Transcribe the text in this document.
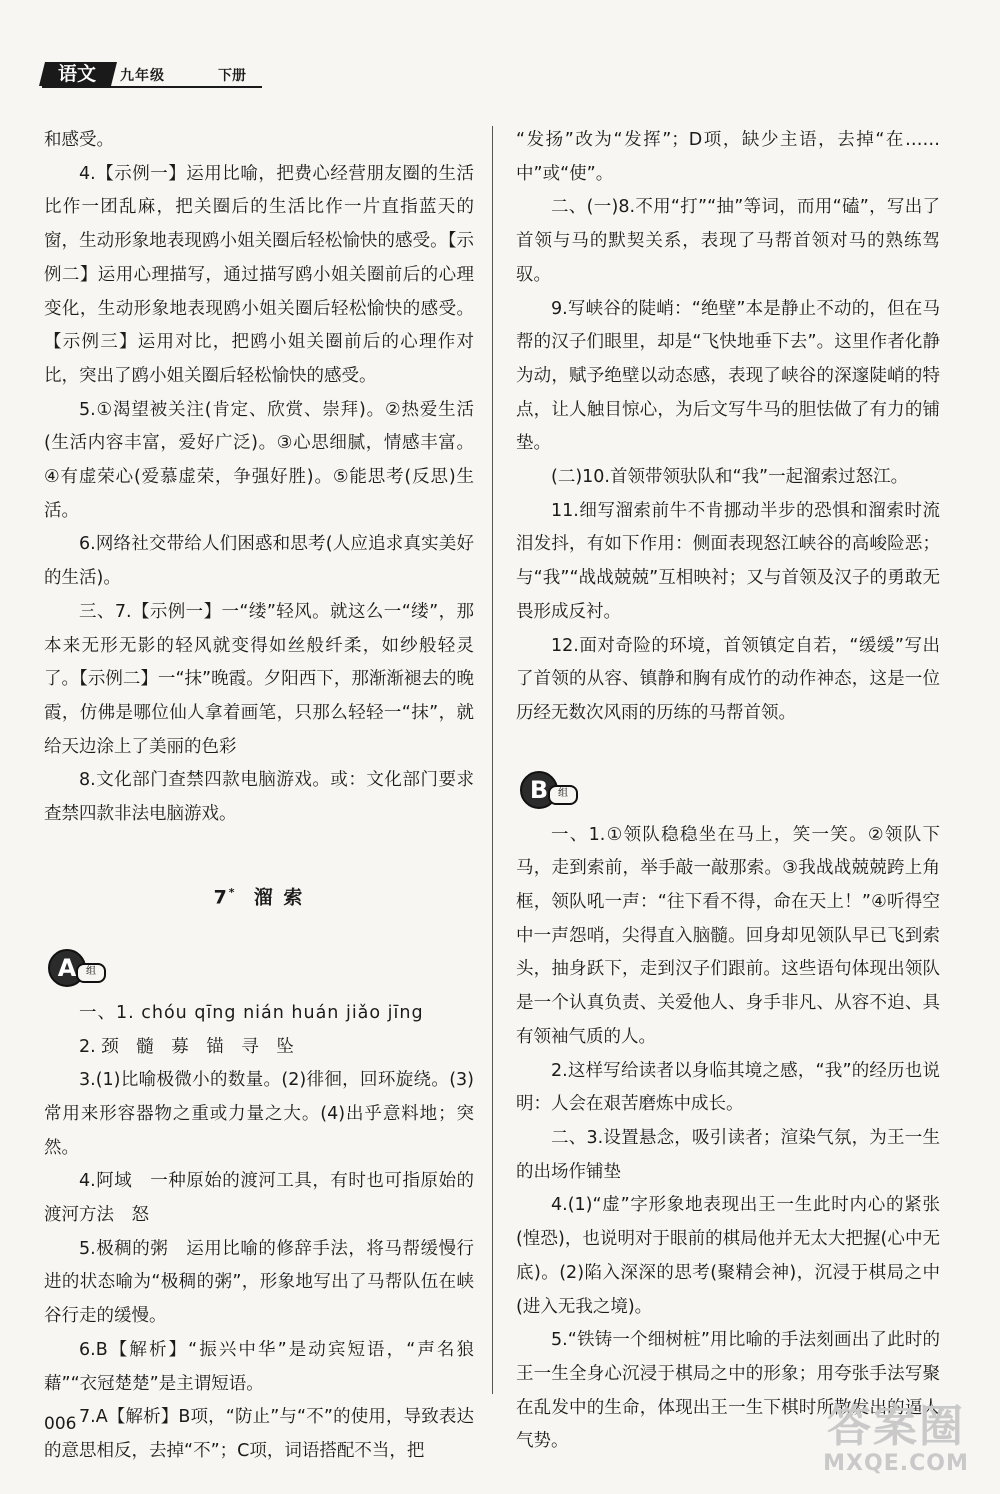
语文	九年级	下册

和感受。

4.【示例一】运用比喻，把费心经营朋友圈的生活比作一团乱麻，把关圈后的生活比作一片直指蓝天的窗，生动形象地表现鸥小姐关圈后轻松愉快的感受。【示例二】运用心理描写，通过描写鸥小姐关圈前后的心理变化，生动形象地表现鸥小姐关圈后轻松愉快的感受。【示例三】运用对比，把鸥小姐关圈前后的心理作对比，突出了鸥小姐关圈后轻松愉快的感受。

5.①渴望被关注(肯定、欣赏、崇拜)。②热爱生活(生活内容丰富，爱好广泛)。③心思细腻，情感丰富。④有虚荣心(爱慕虚荣，争强好胜)。⑤能思考(反思)生活。

6.网络社交带给人们困惑和思考(人应追求真实美好的生活)。

三、7.【示例一】一“缕”轻风。就这么一“缕”，那本来无形无影的轻风就变得如丝般纤柔，如纱般轻灵了。【示例二】一“抹”晚霞。夕阳西下，那渐渐褪去的晚霞，仿佛是哪位仙人拿着画笔，只那么轻轻一“抹”，就给天边涂上了美丽的色彩

8.文化部门查禁四款电脑游戏。或：文化部门要求查禁四款非法电脑游戏。

7* 溜 索
A 组

一、1. chóu qīng nián huán jiǎo jīng

2. 颈　髓　募　锚　寻　坠

3.(1)比喻极微小的数量。(2)徘徊，回环旋绕。(3)常用来形容器物之重或力量之大。(4)出乎意料地；突然。

4.阿域　一种原始的渡河工具，有时也可指原始的渡河方法　怒

5.极稠的粥　运用比喻的修辞手法，将马帮缓慢行进的状态喻为“极稠的粥”，形象地写出了马帮队伍在峡谷行走的缓慢。

6.B【解析】“振兴中华”是动宾短语，“声名狼藉”“衣冠楚楚”是主谓短语。

7.A【解析】B项，“防止”与“不”的使用，导致表达的意思相反，去掉“不”；C项，词语搭配不当，把

“发扬”改为“发挥”；D项，缺少主语，去掉“在……中”或“使”。

二、(一)8.不用“打”“抽”等词，而用“磕”，写出了首领与马的默契关系，表现了马帮首领对马的熟练驾驭。

9.写峡谷的陡峭：“绝壁”本是静止不动的，但在马帮的汉子们眼里，却是“飞快地垂下去”。这里作者化静为动，赋予绝壁以动态感，表现了峡谷的深邃陡峭的特点，让人触目惊心，为后文写牛马的胆怯做了有力的铺垫。

(二)10.首领带领驮队和“我”一起溜索过怒江。

11.细写溜索前牛不肯挪动半步的恐惧和溜索时流泪发抖，有如下作用：侧面表现怒江峡谷的高峻险恶；与“我”“战战兢兢”互相映衬；又与首领及汉子的勇敢无畏形成反衬。

12.面对奇险的环境，首领镇定自若，“缓缓”写出了首领的从容、镇静和胸有成竹的动作神态，这是一位历经无数次风雨的历练的马帮首领。

B 组

一、1.①领队稳稳坐在马上，笑一笑。②领队下马，走到索前，举手敲一敲那索。③我战战兢兢跨上角框，领队吼一声：“往下看不得，命在天上！”④听得空中一声怨哨，尖得直入脑髓。回身却见领队早已飞到索头，抽身跃下，走到汉子们跟前。这些语句体现出领队是一个认真负责、关爱他人、身手非凡、从容不迫、具有领袖气质的人。

2.这样写给读者以身临其境之感，“我”的经历也说明：人会在艰苦磨炼中成长。

二、3.设置悬念，吸引读者；渲染气氛，为王一生的出场作铺垫

4.(1)“虚”字形象地表现出王一生此时内心的紧张(惶恐)，也说明对于眼前的棋局他并无太大把握(心中无底)。(2)陷入深深的思考(聚精会神)，沉浸于棋局之中(进入无我之境)。

5.“铁铸一个细树桩”用比喻的手法刻画出了此时的王一生全身心沉浸于棋局之中的形象；用夸张手法写聚在乱发中的生命，体现出王一生下棋时所散发出的逼人气势。

006	答案圈
MXQE.COM
